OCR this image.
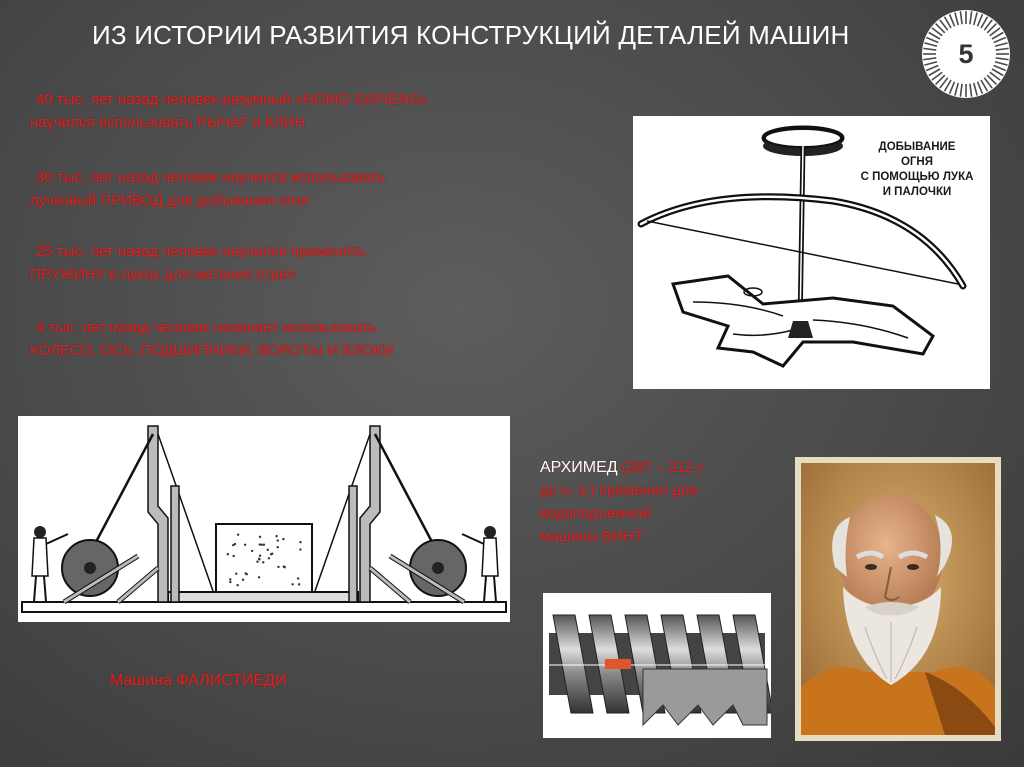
ИЗ ИСТОРИИ РАЗВИТИЯ КОНСТРУКЦИЙ ДЕТАЛЕЙ МАШИН
5
40 тыс. лет назад человек разумный «HOMO SAPIENS»
научился использовать РЫЧАГ и КЛИН
30 тыс. лет назад человек научился использовать
лучковый ПРИВОД для добывания огня
25 тыс. лет назад человек научился применять
ПРУЖИНУ в луках для метания стрел
4 тыс. лет назад человек начинает использовать
КОЛЕСО, ОСЬ, ПОДШИПНИКИ, ВОРОТЫ И БЛОКИ
ДОБЫВАНИЕ
ОГНЯ
С ПОМОЩЬЮ ЛУКА
И ПАЛОЧКИ
АРХИМЕД (287 – 212 г.
до н. э.) применил для
водоподъемной
машины ВИНТ
Машина ФАЛИСТИЕДИ
